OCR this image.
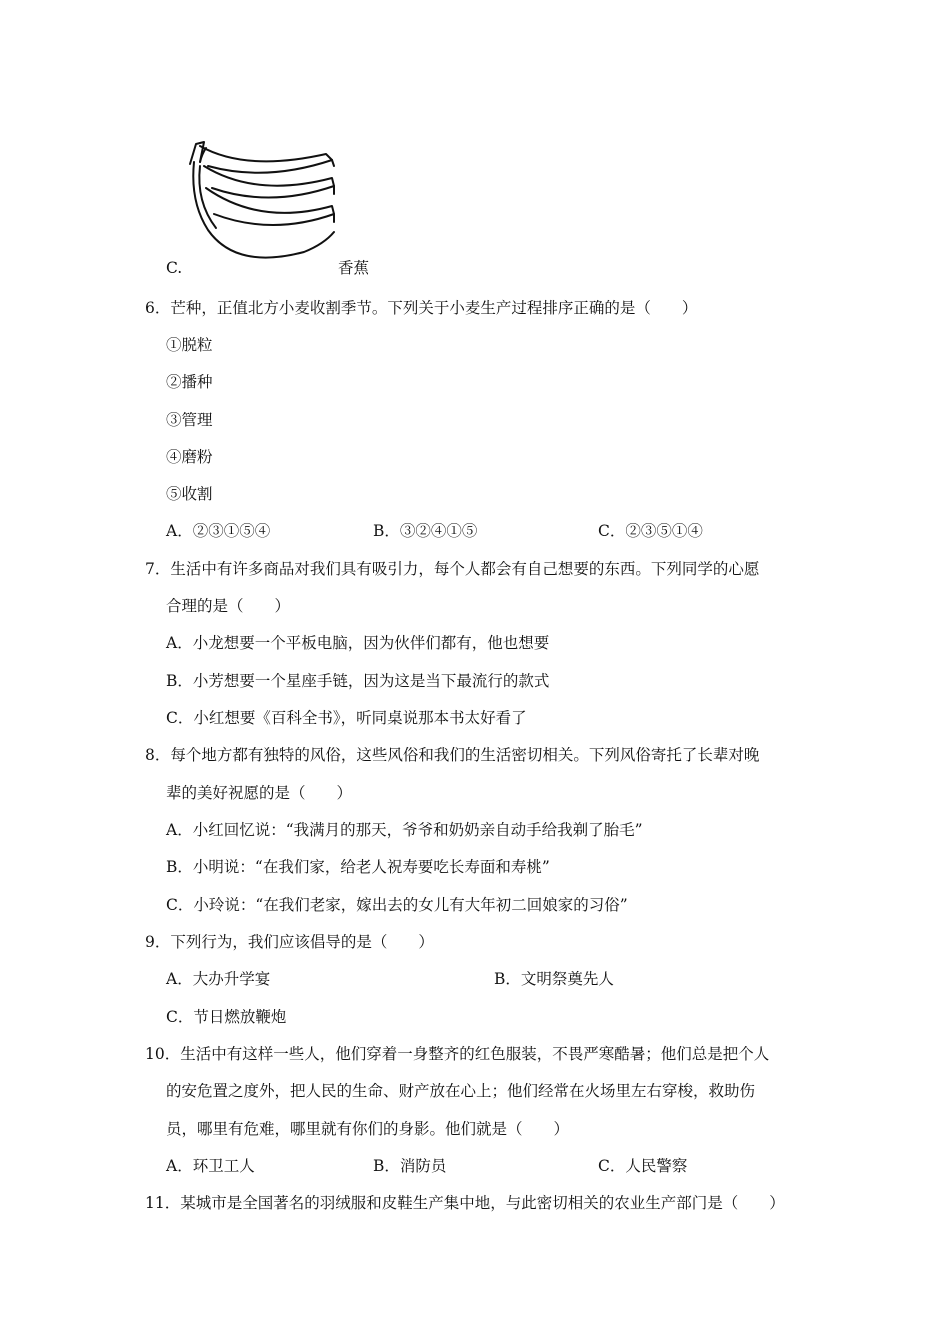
C.	香蕉
6．芒种，正值北方小麦收割季节。下列关于小麦生产过程排序正确的是（　　）
①脱粒
②播种
③管理
④磨粉
⑤收割
A．②③①⑤④	B．③②④①⑤	C．②③⑤①④
7．生活中有许多商品对我们具有吸引力，每个人都会有自己想要的东西。下列同学的心愿
合理的是（　　）
A．小龙想要一个平板电脑，因为伙伴们都有，他也想要
B．小芳想要一个星座手链，因为这是当下最流行的款式
C．小红想要《百科全书》，听同桌说那本书太好看了
8．每个地方都有独特的风俗，这些风俗和我们的生活密切相关。下列风俗寄托了长辈对晚
辈的美好祝愿的是（　　）
A．小红回忆说：“我满月的那天，爷爷和奶奶亲自动手给我剃了胎毛”
B．小明说：“在我们家，给老人祝寿要吃长寿面和寿桃”
C．小玲说：“在我们老家，嫁出去的女儿有大年初二回娘家的习俗”
9．下列行为，我们应该倡导的是（　　）
A．大办升学宴	B．文明祭奠先人
C．节日燃放鞭炮
10．生活中有这样一些人，他们穿着一身整齐的红色服装，不畏严寒酷暑；他们总是把个人
的安危置之度外，把人民的生命、财产放在心上；他们经常在火场里左右穿梭，救助伤
员，哪里有危难，哪里就有你们的身影。他们就是（　　）
A．环卫工人	B．消防员	C．人民警察
11．某城市是全国著名的羽绒服和皮鞋生产集中地，与此密切相关的农业生产部门是（　　）
